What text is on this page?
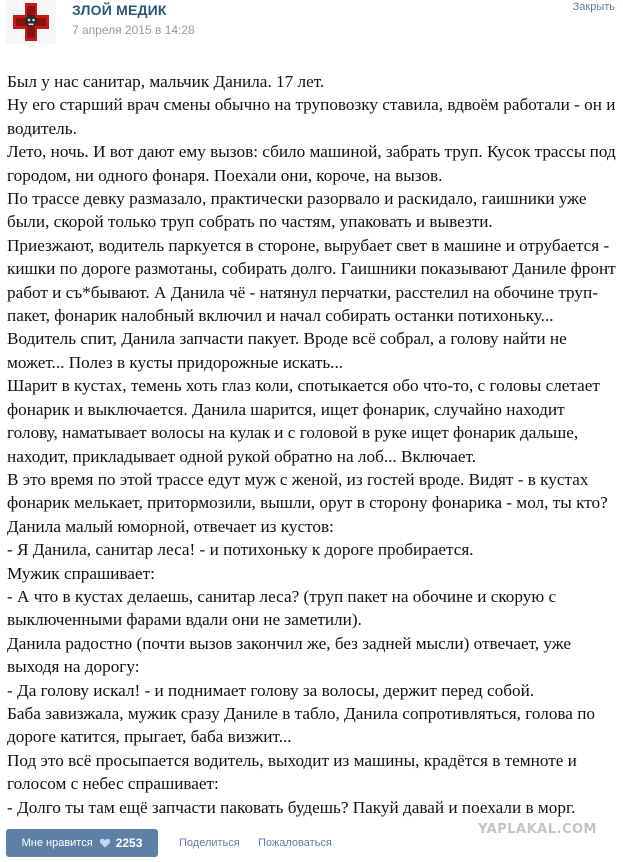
ЗЛОЙ МЕДИК
7 апреля 2015 в 14:28
Закрыть

Был у нас санитар, мальчик Данила. 17 лет.

Ну его старший врач смены обычно на труповозку ставила, вдвоём работали - он и водитель.

Лето, ночь. И вот дают ему вызов: сбило машиной, забрать труп. Кусок трассы под городом, ни одного фонаря. Поехали они, короче, на вызов.

По трассе девку размазало, практически разорвало и раскидало, гаишники уже были, скорой только труп собрать по частям, упаковать и вывезти.

Приезжают, водитель паркуется в стороне, вырубает свет в машине и отрубается - кишки по дороге размотаны, собирать долго. Гаишники показывают Даниле фронт работ и съ*бывают. А Данила чё - натянул перчатки, расстелил на обочине труп-пакет, фонарик налобный включил и начал собирать останки потихоньку...

Водитель спит, Данила запчасти пакует. Вроде всё собрал, а голову найти не может... Полез в кусты придорожные искать...

Шарит в кустах, темень хоть глаз коли, спотыкается обо что-то, с головы слетает фонарик и выключается. Данила шарится, ищет фонарик, случайно находит голову, наматывает волосы на кулак и с головой в руке ищет фонарик дальше, находит, прикладывает одной рукой обратно на лоб... Включает.

В это время по этой трассе едут муж с женой, из гостей вроде. Видят - в кустах фонарик мелькает, притормозили, вышли, орут в сторону фонарика - мол, ты кто?

Данила малый юморной, отвечает из кустов:

- Я Данила, санитар леса! - и потихоньку к дороге пробирается.

Мужик спрашивает:

- А что в кустах делаешь, санитар леса? (труп пакет на обочине и скорую с выключенными фарами вдали они не заметили).

Данила радостно (почти вызов закончил же, без задней мысли) отвечает, уже выходя на дорогу:

- Да голову искал! - и поднимает голову за волосы, держит перед собой.

Баба завизжала, мужик сразу Даниле в табло, Данила сопротивляться, голова по дороге катится, прыгает, баба визжит...

Под это всё просыпается водитель, выходит из машины, крадётся в темноте и голосом с небес спрашивает:

- Долго ты там ещё запчасти паковать будешь? Пакуй давай и поехали в морг.

Мне нравится 2253	Поделиться Пожаловаться
YAPLAKAL.COM
